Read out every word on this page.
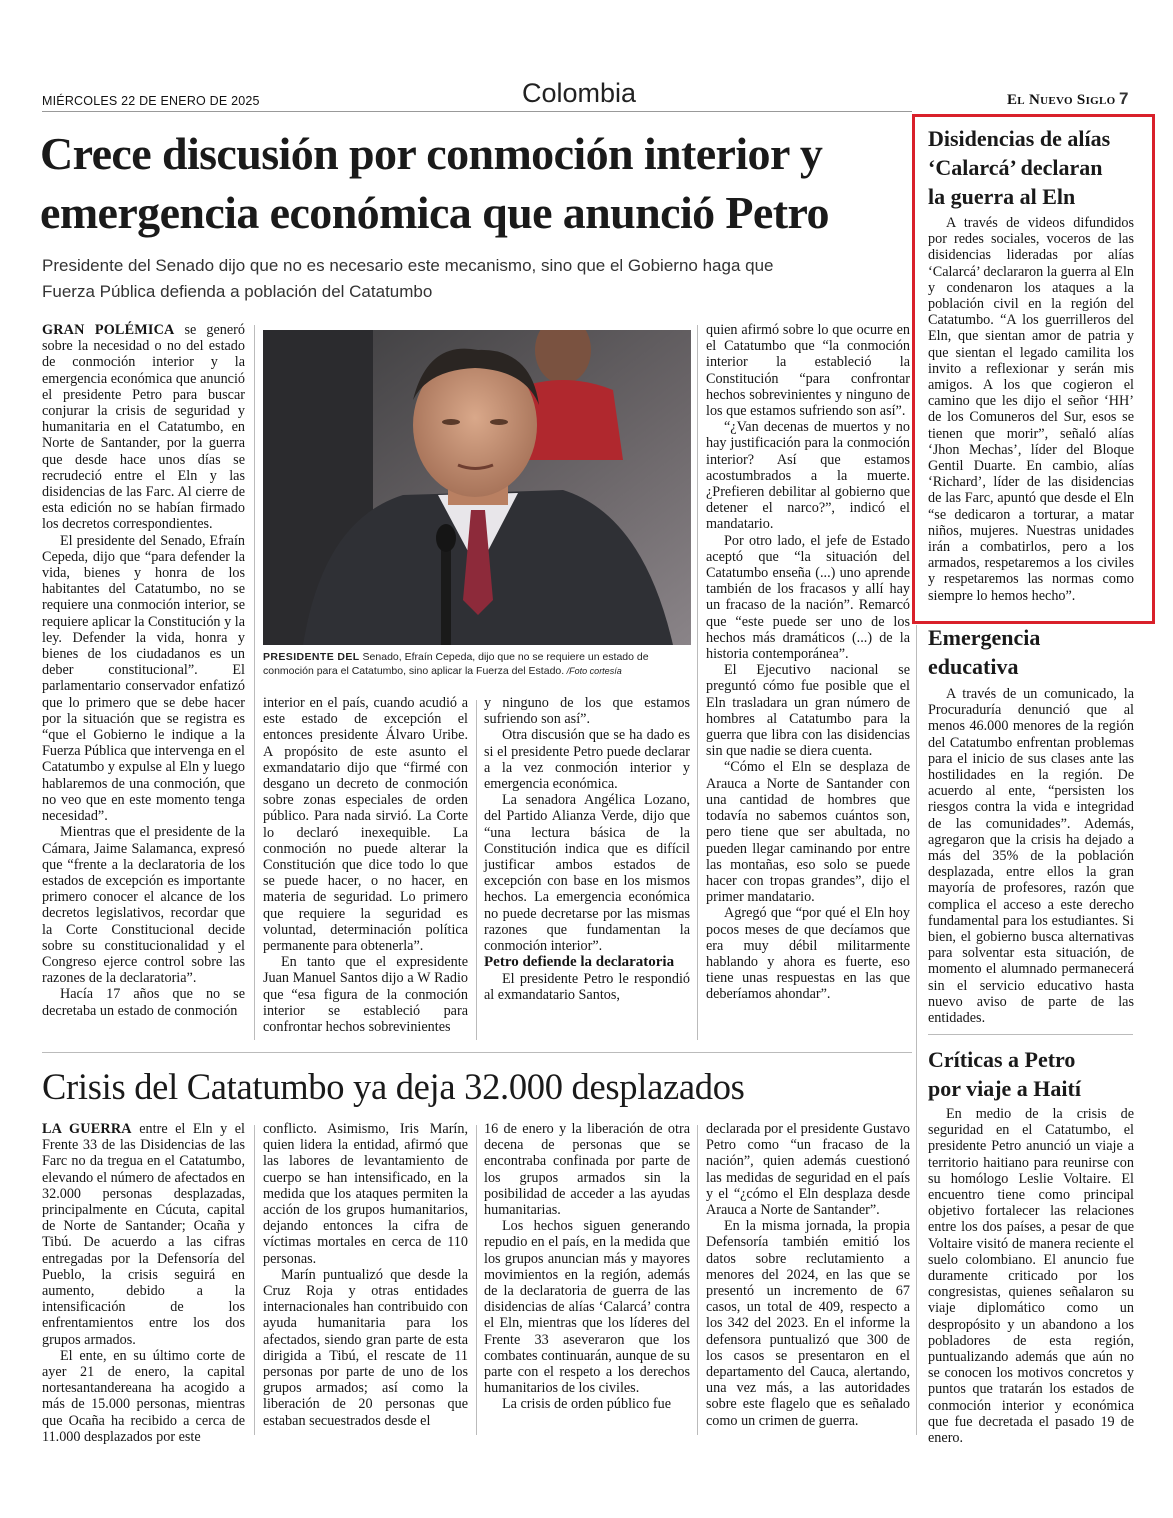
MIÉRCOLES 22 DE ENERO DE 2025	Colombia	El Nuevo Siglo 7
Crece discusión por conmoción interior y
emergencia económica que anunció Petro
Presidente del Senado dijo que no es necesario este mecanismo, sino que el Gobierno haga que
Fuerza Pública defienda a población del Catatumbo

GRAN POLÉMICA se generó sobre la necesidad o no del estado de conmoción interior y la emergencia económica que anunció el presidente Petro para buscar conjurar la crisis de seguridad y humanitaria en el Catatumbo, en Norte de Santander, por la guerra que desde hace unos días se recrudeció entre el Eln y las disidencias de las Farc. Al cierre de esta edición no se habían firmado los decretos correspondientes.

El presidente del Senado, Efraín Cepeda, dijo que “para defender la vida, bienes y honra de los habitantes del Catatumbo, no se requiere una conmoción interior, se requiere aplicar la Constitución y la ley. Defender la vida, honra y bienes de los ciudadanos es un deber constitucional”. El parlamentario conservador enfatizó que lo primero que se debe hacer por la situación que se registra es “que el Gobierno le indique a la Fuerza Pública que intervenga en el Catatumbo y expulse al Eln y luego hablaremos de una conmoción, que no veo que en este momento tenga necesidad”.

Mientras que el presidente de la Cámara, Jaime Salamanca, expresó que “frente a la declaratoria de los estados de excepción es importante primero conocer el alcance de los decretos legislativos, recordar que la Corte Constitucional decide sobre su constitucionalidad y el Congreso ejerce control sobre las razones de la declaratoria”.

Hacía 17 años que no se decretaba un estado de conmoción

PRESIDENTE DEL Senado, Efraín Cepeda, dijo que no se requiere un estado de conmoción para el Catatumbo, sino aplicar la Fuerza del Estado. /Foto cortesía

interior en el país, cuando acudió a este estado de excepción el entonces presidente Álvaro Uribe. A propósito de este asunto el exmandatario dijo que “firmé con desgano un decreto de conmoción sobre zonas especiales de orden público. Para nada sirvió. La Corte lo declaró inexequible. La conmoción no puede alterar la Constitución que dice todo lo que se puede hacer, o no hacer, en materia de seguridad. Lo primero que requiere la seguridad es voluntad, determinación política permanente para obtenerla”.

En tanto que el expresidente Juan Manuel Santos dijo a W Radio que “esa figura de la conmoción interior se estableció para confrontar hechos sobrevinientes

y ninguno de los que estamos sufriendo son así”.

Otra discusión que se ha dado es si el presidente Petro puede declarar a la vez conmoción interior y emergencia económica.

La senadora Angélica Lozano, del Partido Alianza Verde, dijo que “una lectura básica de la Constitución indica que es difícil justificar ambos estados de excepción con base en los mismos hechos. La emergencia económica no puede decretarse por las mismas razones que fundamentan la conmoción interior”.

Petro defiende la declaratoria

El presidente Petro le respondió al exmandatario Santos,

quien afirmó sobre lo que ocurre en el Catatumbo que “la conmoción interior la estableció la Constitución “para confrontar hechos sobrevinientes y ninguno de los que estamos sufriendo son así”.

“¿Van decenas de muertos y no hay justificación para la conmoción interior? Así que estamos acostumbrados a la muerte. ¿Prefieren debilitar al gobierno que detener el narco?”, indicó el mandatario.

Por otro lado, el jefe de Estado aceptó que “la situación del Catatumbo enseña (...) uno aprende también de los fracasos y allí hay un fracaso de la nación”. Remarcó que “este puede ser uno de los hechos más dramáticos (...) de la historia contemporánea”.

El Ejecutivo nacional se preguntó cómo fue posible que el Eln trasladara un gran número de hombres al Catatumbo para la guerra que libra con las disidencias sin que nadie se diera cuenta.

“Cómo el Eln se desplaza de Arauca a Norte de Santander con una cantidad de hombres que todavía no sabemos cuántos son, pero tiene que ser abultada, no pueden llegar caminando por entre las montañas, eso solo se puede hacer con tropas grandes”, dijo el primer mandatario.

Agregó que “por qué el Eln hoy pocos meses de que decíamos que era muy débil militarmente hablando y ahora es fuerte, eso tiene unas respuestas en las que deberíamos ahondar”.

Crisis del Catatumbo ya deja 32.000 desplazados

LA GUERRA entre el Eln y el Frente 33 de las Disidencias de las Farc no da tregua en el Catatumbo, elevando el número de afectados en 32.000 personas desplazadas, principalmente en Cúcuta, capital de Norte de Santander; Ocaña y Tibú. De acuerdo a las cifras entregadas por la Defensoría del Pueblo, la crisis seguirá en aumento, debido a la intensificación de los enfrentamientos entre los dos grupos armados.

El ente, en su último corte de ayer 21 de enero, la capital nortesantandereana ha acogido a más de 15.000 personas, mientras que Ocaña ha recibido a cerca de 11.000 desplazados por este

conflicto. Asimismo, Iris Marín, quien lidera la entidad, afirmó que las labores de levantamiento de cuerpo se han intensificado, en la medida que los ataques permiten la acción de los grupos humanitarios, dejando entonces la cifra de víctimas mortales en cerca de 110 personas.

Marín puntualizó que desde la Cruz Roja y otras entidades internacionales han contribuido con ayuda humanitaria para los afectados, siendo gran parte de esta dirigida a Tibú, el rescate de 11 personas por parte de uno de los grupos armados; así como la liberación de 20 personas que estaban secuestrados desde el

16 de enero y la liberación de otra decena de personas que se encontraba confinada por parte de los grupos armados sin la posibilidad de acceder a las ayudas humanitarias.

Los hechos siguen generando repudio en el país, en la medida que los grupos anuncian más y mayores movimientos en la región, además de la declaratoria de guerra de las disidencias de alías ‘Calarcá’ contra el Eln, mientras que los líderes del Frente 33 aseveraron que los combates continuarán, aunque de su parte con el respeto a los derechos humanitarios de los civiles.

La crisis de orden público fue

declarada por el presidente Gustavo Petro como “un fracaso de la nación”, quien además cuestionó las medidas de seguridad en el país y el “¿cómo el Eln desplaza desde Arauca a Norte de Santander”.

En la misma jornada, la propia Defensoría también emitió los datos sobre reclutamiento a menores del 2024, en las que se presentó un incremento de 67 casos, un total de 409, respecto a los 342 del 2023. En el informe la defensora puntualizó que 300 de los casos se presentaron en el departamento del Cauca, alertando, una vez más, a las autoridades sobre este flagelo que es señalado como un crimen de guerra.

Disidencias de alías
‘Calarcá’ declaran
la guerra al Eln

A través de videos difundidos por redes sociales, voceros de las disidencias lideradas por alías ‘Calarcá’ declararon la guerra al Eln y condenaron los ataques a la población civil en la región del Catatumbo. “A los guerrilleros del Eln, que sientan amor de patria y que sientan el legado camilita los invito a reflexionar y serán mis amigos. A los que cogieron el camino que les dijo el señor ‘HH’ de los Comuneros del Sur, esos se tienen que morir”, señaló alías ‘Jhon Mechas’, líder del Bloque Gentil Duarte. En cambio, alías ‘Richard’, líder de las disidencias de las Farc, apuntó que desde el Eln “se dedicaron a torturar, a matar niños, mujeres. Nuestras unidades irán a combatirlos, pero a los armados, respetaremos a los civiles y respetaremos las normas como siempre lo hemos hecho”.

Emergencia
educativa

A través de un comunicado, la Procuraduría denunció que al menos 46.000 menores de la región del Catatumbo enfrentan problemas para el inicio de sus clases ante las hostilidades en la región. De acuerdo al ente, “persisten los riesgos contra la vida e integridad de las comunidades”. Además, agregaron que la crisis ha dejado a más del 35% de la población desplazada, entre ellos la gran mayoría de profesores, razón que complica el acceso a este derecho fundamental para los estudiantes. Si bien, el gobierno busca alternativas para solventar esta situación, de momento el alumnado permanecerá sin el servicio educativo hasta nuevo aviso de parte de las entidades.

Críticas a Petro
por viaje a Haití

En medio de la crisis de seguridad en el Catatumbo, el presidente Petro anunció un viaje a territorio haitiano para reunirse con su homólogo Leslie Voltaire. El encuentro tiene como principal objetivo fortalecer las relaciones entre los dos países, a pesar de que Voltaire visitó de manera reciente el suelo colombiano. El anuncio fue duramente criticado por los congresistas, quienes señalaron su viaje diplomático como un despropósito y un abandono a los pobladores de esta región, puntualizando además que aún no se conocen los motivos concretos y puntos que tratarán los estados de conmoción interior y económica que fue decretada el pasado 19 de enero.
